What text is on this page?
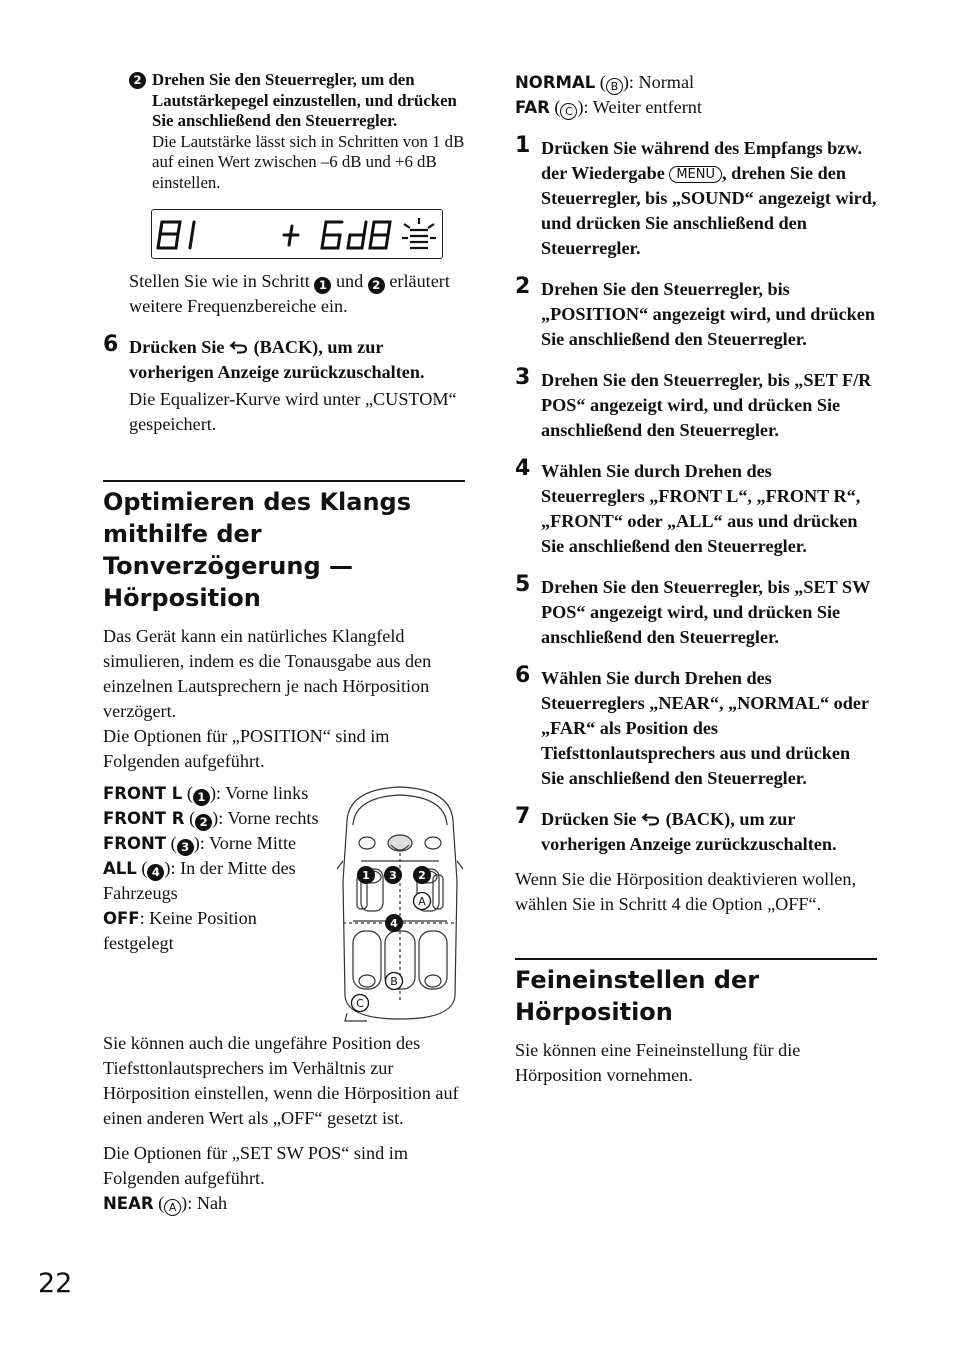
2 Drehen Sie den Steuerregler, um den Lautstärkepegel einzustellen, und drücken Sie anschließend den Steuerregler.

Die Lautstärke lässt sich in Schritten von 1 dB auf einen Wert zwischen –6 dB und +6 dB einstellen.

Stellen Sie wie in Schritt 1 und 2 erläutert weitere Frequenzbereiche ein.

6 Drücken Sie (BACK), um zur vorherigen Anzeige zurückzuschalten.

Die Equalizer-Kurve wird unter „CUSTOM“ gespeichert.

Optimieren des Klangs mithilfe der Tonverzögerung — Hörposition

Das Gerät kann ein natürliches Klangfeld simulieren, indem es die Tonausgabe aus den einzelnen Lautsprechern je nach Hörposition verzögert.

Die Optionen für „POSITION“ sind im Folgenden aufgeführt.

FRONT L ( 1 ): Vorne links

FRONT R ( 2 ): Vorne rechts

FRONT ( 3 ): Vorne Mitte

ALL ( 4 ): In der Mitte des Fahrzeugs

OFF: Keine Position festgelegt

1 3 2
4
A
B
C

Sie können auch die ungefähre Position des Tiefsttonlautsprechers im Verhältnis zur Hörposition einstellen, wenn die Hörposition auf einen anderen Wert als „OFF“ gesetzt ist.

Die Optionen für „SET SW POS“ sind im Folgenden aufgeführt.

NEAR ( A ): Nah

NORMAL ( B ): Normal

FAR ( C ): Weiter entfernt

1 Drücken Sie während des Empfangs bzw. der Wiedergabe MENU , drehen Sie den Steuerregler, bis „SOUND“ angezeigt wird, und drücken Sie anschließend den Steuerregler.
2 Drehen Sie den Steuerregler, bis „POSITION“ angezeigt wird, und drücken Sie anschließend den Steuerregler.
3 Drehen Sie den Steuerregler, bis „SET F/R POS“ angezeigt wird, und drücken Sie anschließend den Steuerregler.
4 Wählen Sie durch Drehen des Steuerreglers „FRONT L“, „FRONT R“, „FRONT“ oder „ALL“ aus und drücken Sie anschließend den Steuerregler.
5 Drehen Sie den Steuerregler, bis „SET SW POS“ angezeigt wird, und drücken Sie anschließend den Steuerregler.
6 Wählen Sie durch Drehen des Steuerreglers „NEAR“, „NORMAL“ oder „FAR“ als Position des Tiefsttonlautsprechers aus und drücken Sie anschließend den Steuerregler.
7 Drücken Sie (BACK), um zur vorherigen Anzeige zurückzuschalten.

Wenn Sie die Hörposition deaktivieren wollen, wählen Sie in Schritt 4 die Option „OFF“.

Feineinstellen der Hörposition

Sie können eine Feineinstellung für die Hörposition vornehmen.

22
